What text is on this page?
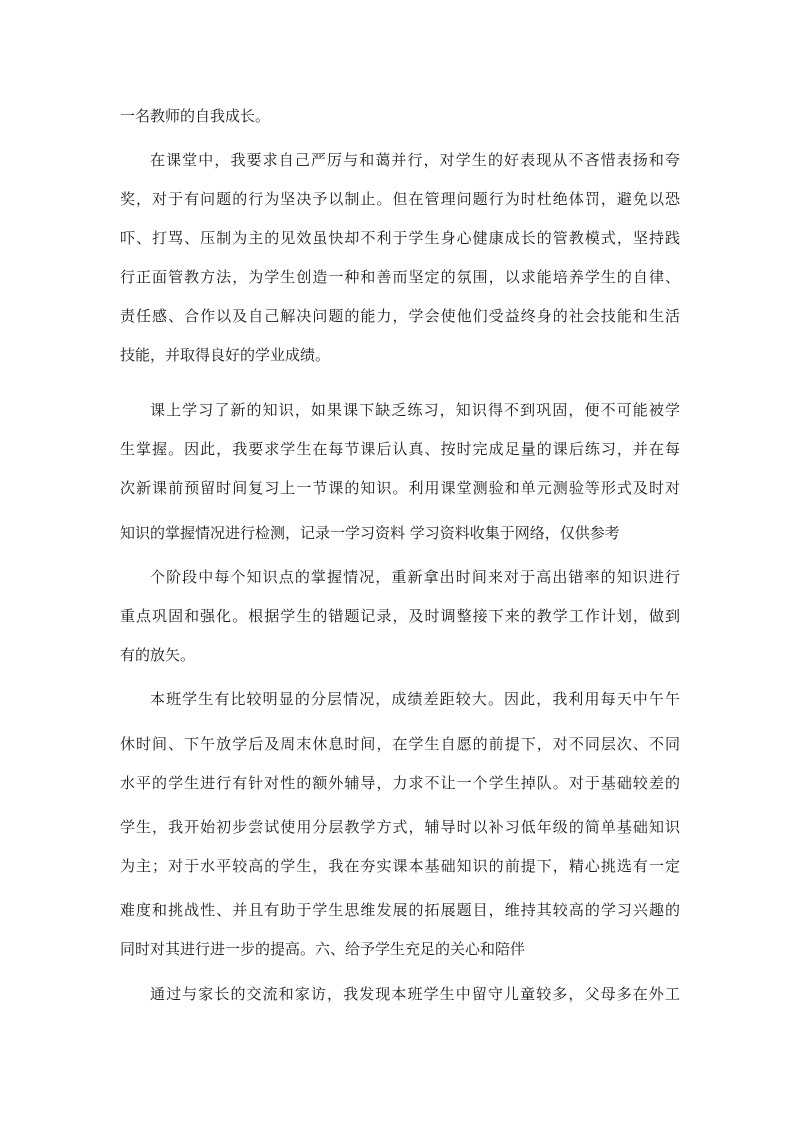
一名教师的自我成长。
在课堂中，我要求自己严厉与和蔼并行，对学生的好表现从不吝惜表扬和夸
奖，对于有问题的行为坚决予以制止。但在管理问题行为时杜绝体罚，避免以恐
吓、打骂、压制为主的见效虽快却不利于学生身心健康成长的管教模式，坚持践
行正面管教方法，为学生创造一种和善而坚定的氛围，以求能培养学生的自律、
责任感、合作以及自己解决问题的能力，学会使他们受益终身的社会技能和生活
技能，并取得良好的学业成绩。
课上学习了新的知识，如果课下缺乏练习，知识得不到巩固，便不可能被学
生掌握。因此，我要求学生在每节课后认真、按时完成足量的课后练习，并在每
次新课前预留时间复习上一节课的知识。利用课堂测验和单元测验等形式及时对
知识的掌握情况进行检测，记录一学习资料 学习资料收集于网络，仅供参考
个阶段中每个知识点的掌握情况，重新拿出时间来对于高出错率的知识进行
重点巩固和强化。根据学生的错题记录，及时调整接下来的教学工作计划，做到
有的放矢。
本班学生有比较明显的分层情况，成绩差距较大。因此，我利用每天中午午
休时间、下午放学后及周末休息时间，在学生自愿的前提下，对不同层次、不同
水平的学生进行有针对性的额外辅导，力求不让一个学生掉队。对于基础较差的
学生，我开始初步尝试使用分层教学方式，辅导时以补习低年级的简单基础知识
为主；对于水平较高的学生，我在夯实课本基础知识的前提下，精心挑选有一定
难度和挑战性、并且有助于学生思维发展的拓展题目，维持其较高的学习兴趣的
同时对其进行进一步的提高。六、给予学生充足的关心和陪伴
通过与家长的交流和家访，我发现本班学生中留守儿童较多，父母多在外工
